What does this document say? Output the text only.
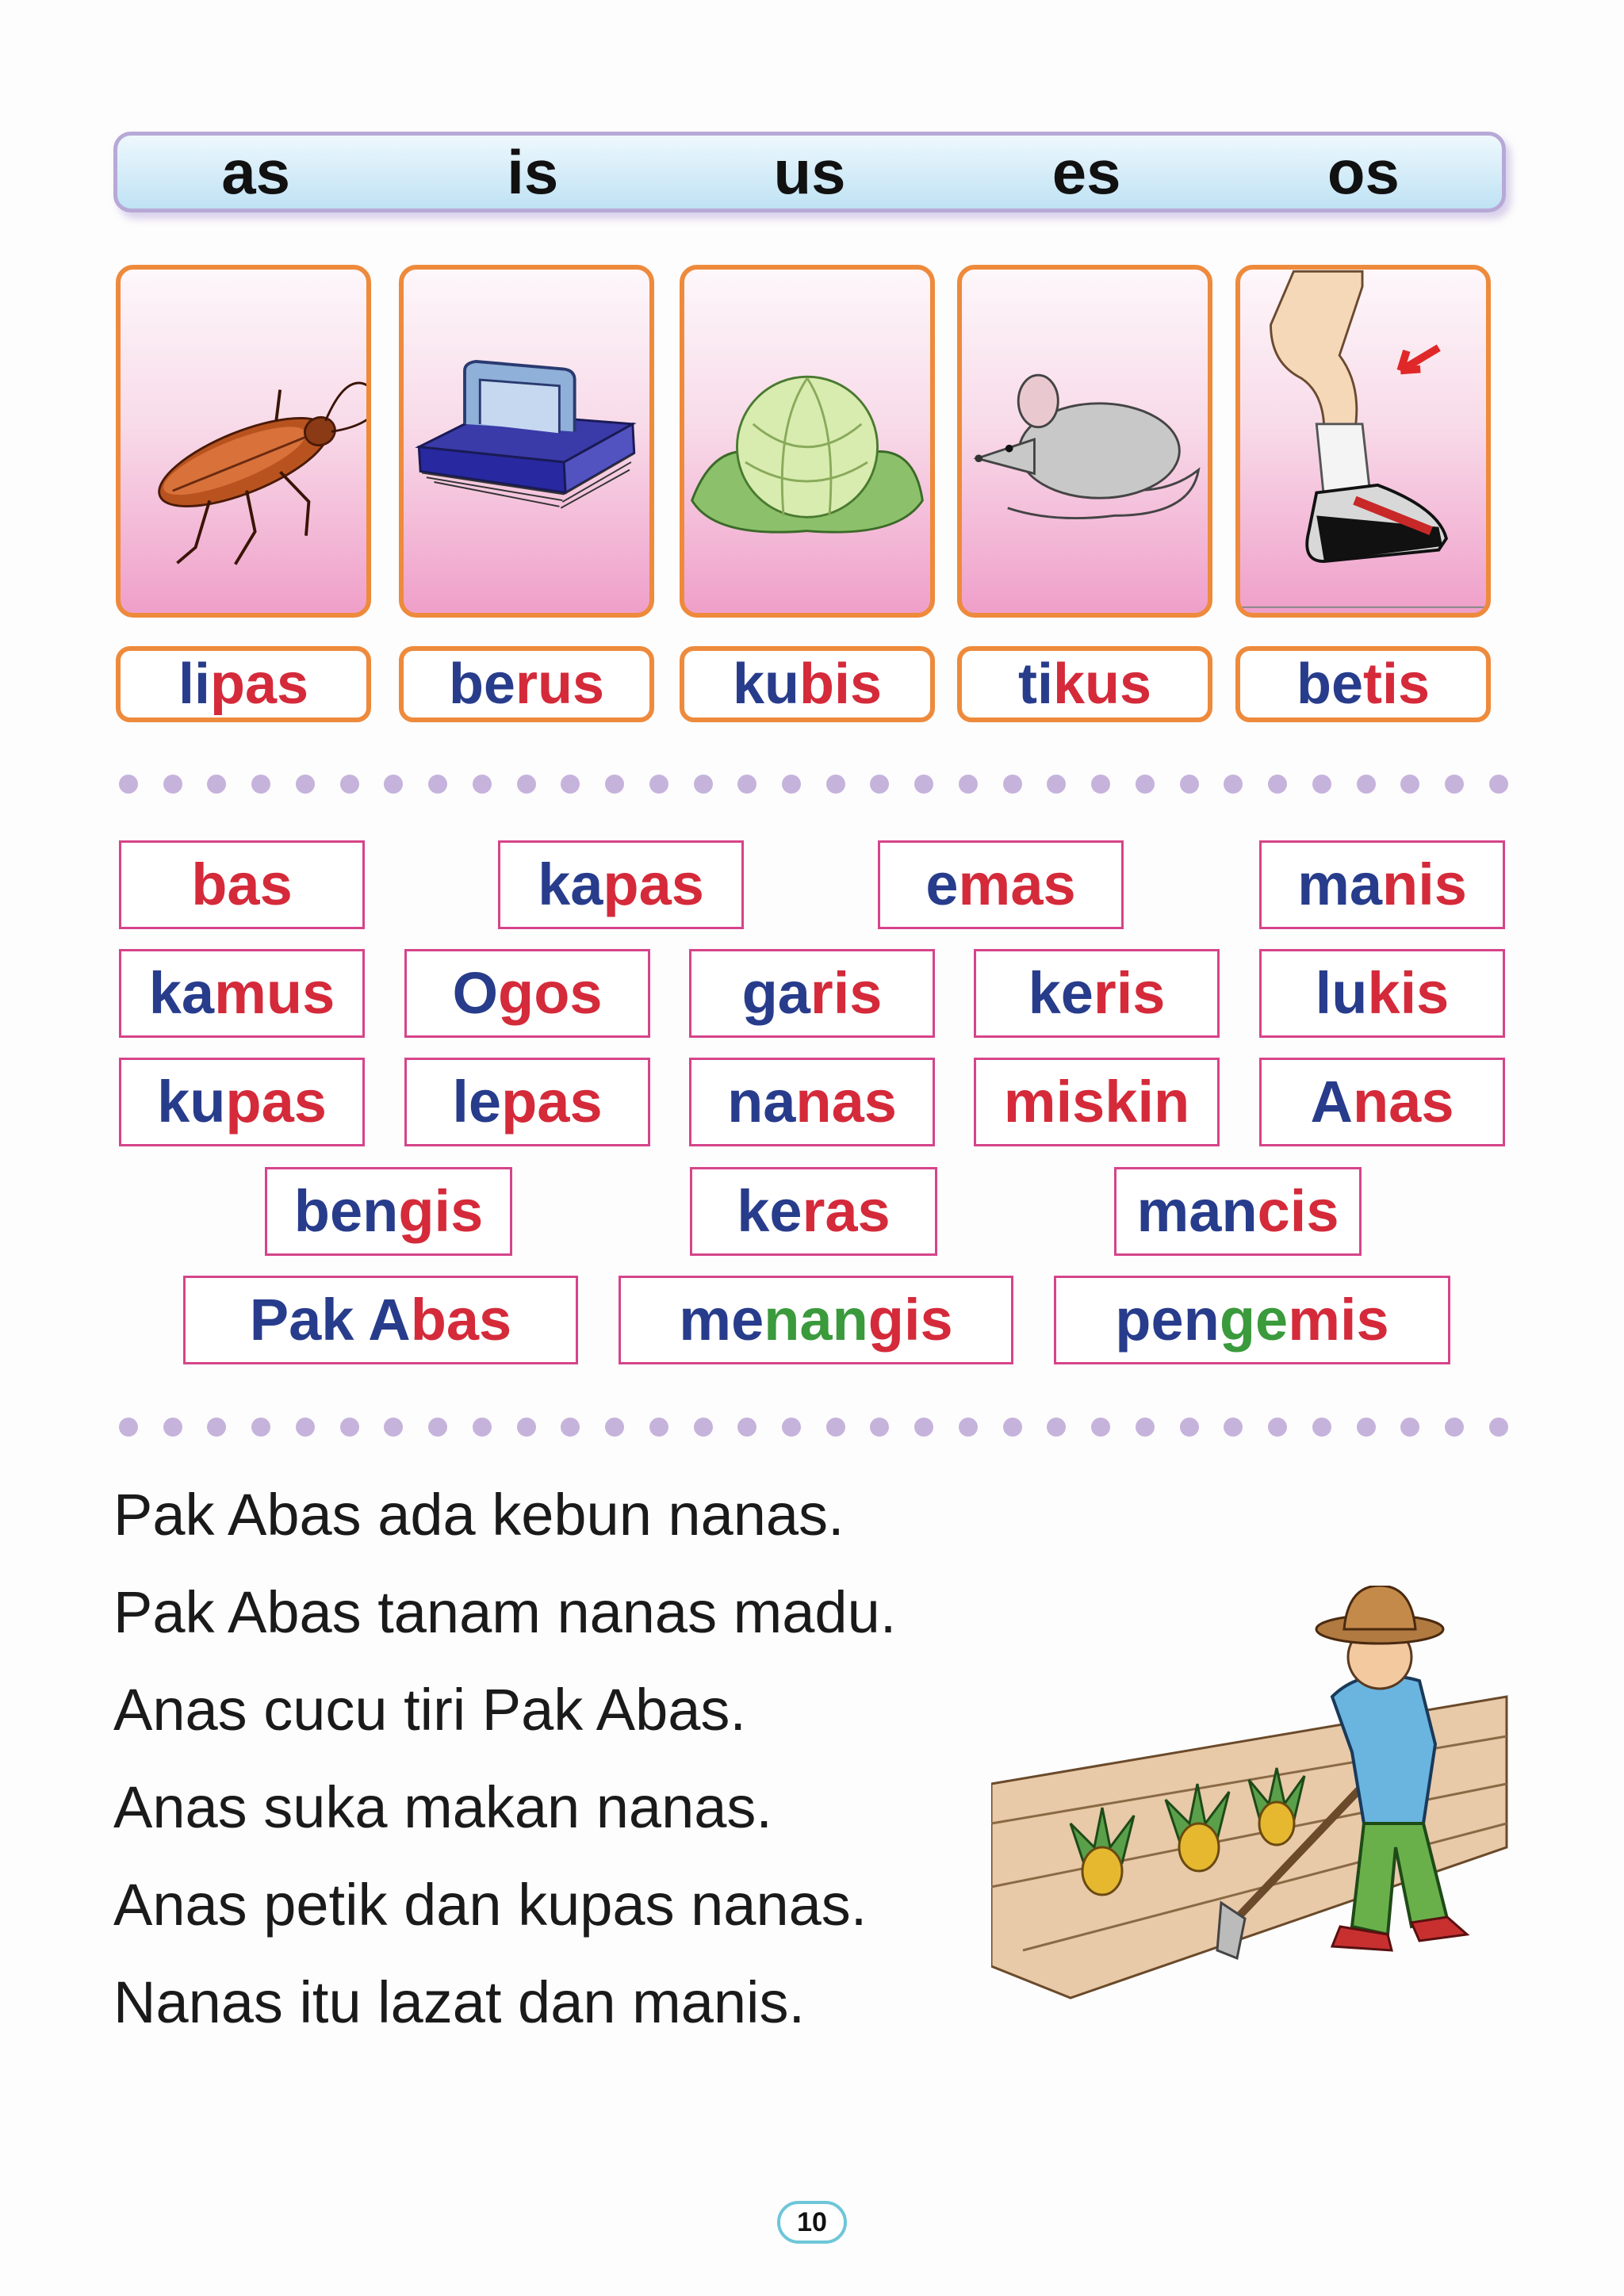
as	is	us	es	os
lipas	berus	kubis	tikus	betis
bas	kapas	emas	manis
kamus	Ogos	garis	keris	lukis
kupas	lepas	nanas	miskin	Anas
bengis	keras	mancis
Pak Abas	menangis	pengemis
Pak Abas ada kebun nanas.
Pak Abas tanam nanas madu.
Anas cucu tiri Pak Abas.
Anas suka makan nanas.
Anas petik dan kupas nanas.
Nanas itu lazat dan manis.
10
